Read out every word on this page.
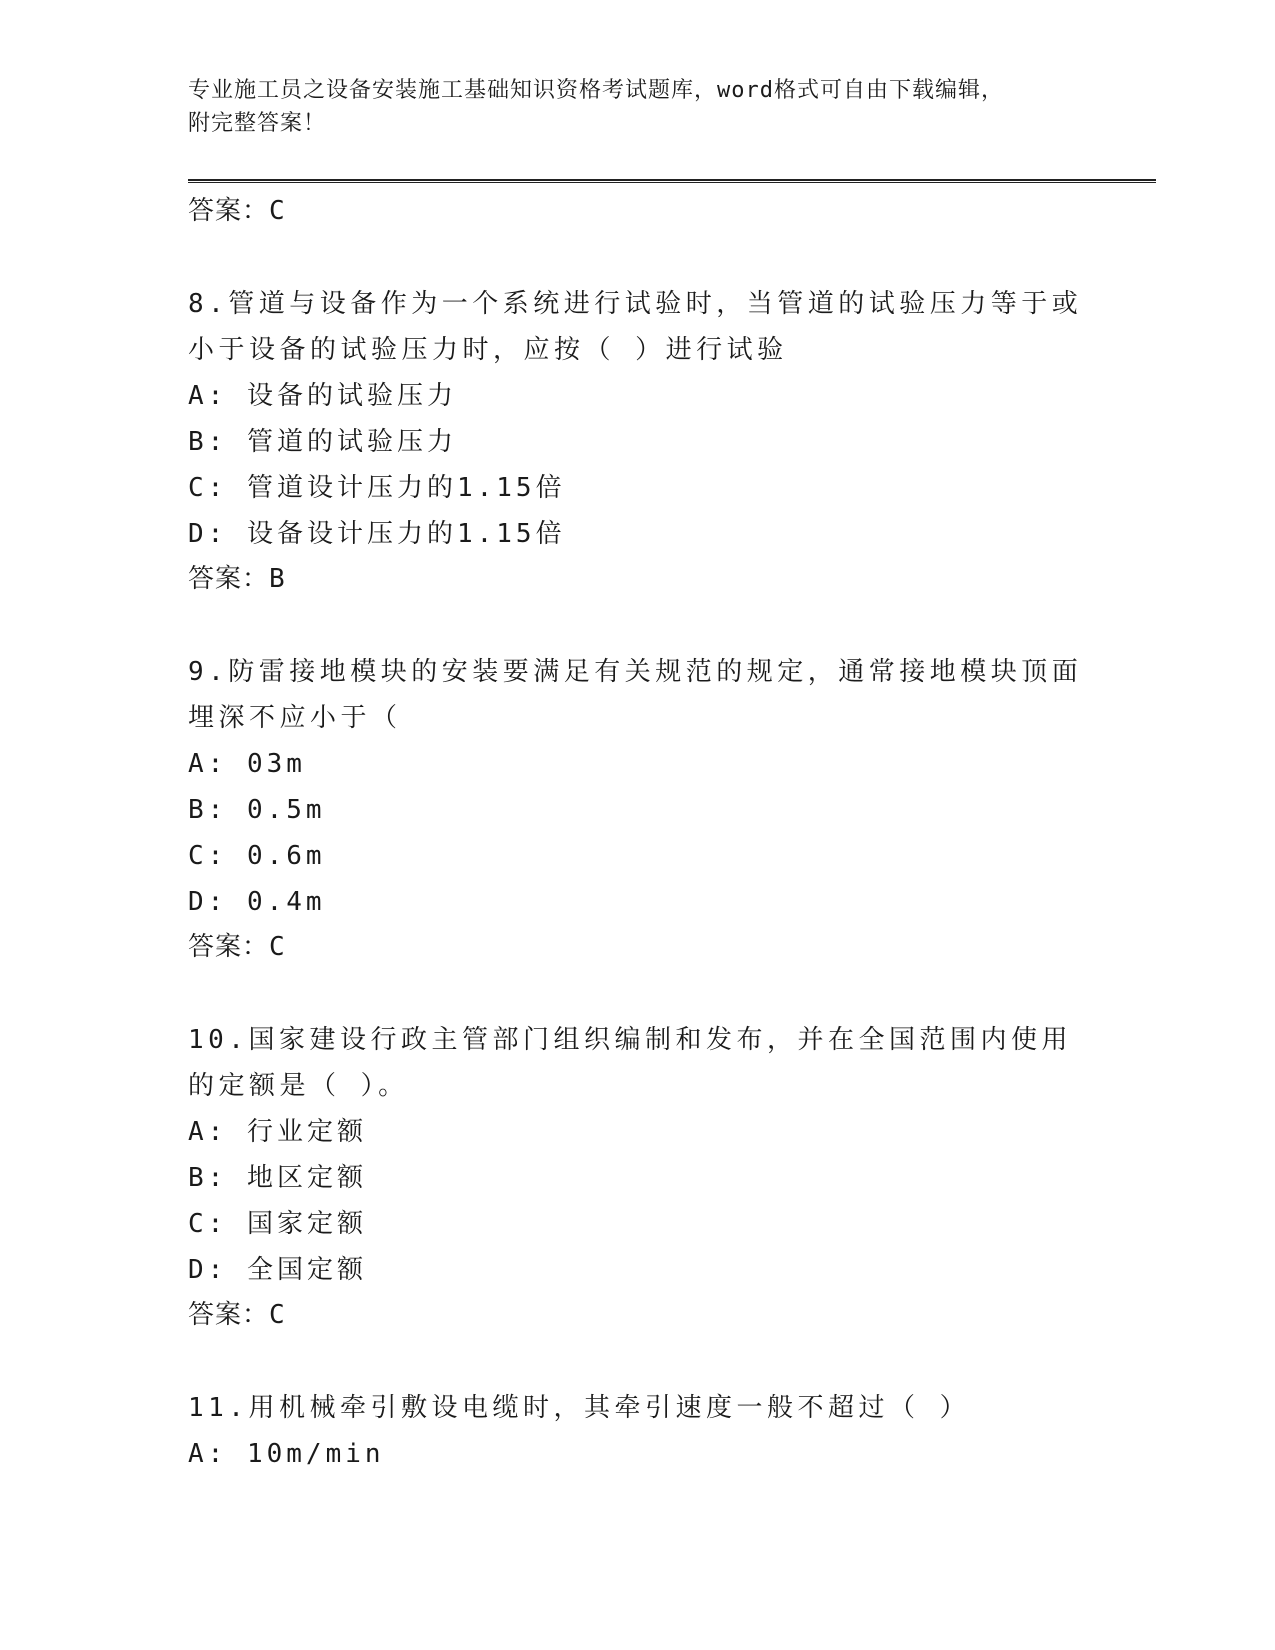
专业施工员之设备安装施工基础知识资格考试题库，word格式可自由下载编辑，
附完整答案！
答案：C
8.管道与设备作为一个系统进行试验时，当管道的试验压力等于或小于设备的试验压力时，应按（ ）进行试验
A: 设备的试验压力
B: 管道的试验压力
C: 管道设计压力的1.15倍
D: 设备设计压力的1.15倍
答案：B
9.防雷接地模块的安装要满足有关规范的规定，通常接地模块顶面埋深不应小于（
A: 03m
B: 0.5m
C: 0.6m
D: 0.4m
答案：C
10.国家建设行政主管部门组织编制和发布，并在全国范围内使用的定额是（ ）。
A: 行业定额
B: 地区定额
C: 国家定额
D: 全国定额
答案：C
11.用机械牵引敷设电缆时，其牵引速度一般不超过（ ）
A: 10m/min
